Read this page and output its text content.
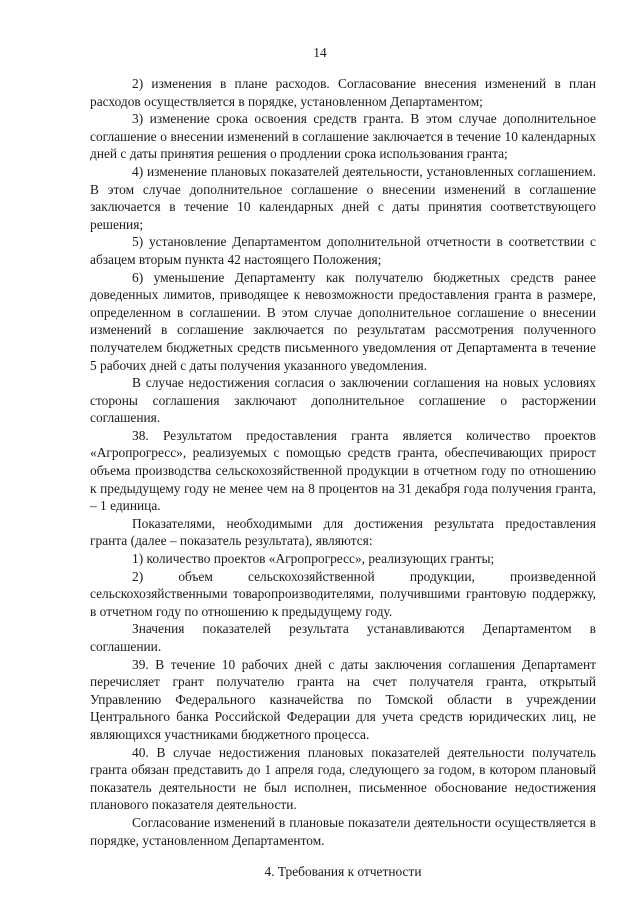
14

2) изменения в плане расходов. Согласование внесения изменений в план расходов осуществляется в порядке, установленном Департаментом;

3) изменение срока освоения средств гранта. В этом случае дополнительное соглашение о внесении изменений в соглашение заключается в течение 10 календарных дней с даты принятия решения о продлении срока использования гранта;

4) изменение плановых показателей деятельности, установленных соглашением. В этом случае дополнительное соглашение о внесении изменений в соглашение заключается в течение 10 календарных дней с даты принятия соответствующего решения;

5) установление Департаментом дополнительной отчетности в соответствии с абзацем вторым пункта 42 настоящего Положения;

6) уменьшение Департаменту как получателю бюджетных средств ранее доведенных лимитов, приводящее к невозможности предоставления гранта в размере, определенном в соглашении. В этом случае дополнительное соглашение о внесении изменений в соглашение заключается по результатам рассмотрения полученного получателем бюджетных средств письменного уведомления от Департамента в течение 5 рабочих дней с даты получения указанного уведомления.

В случае недостижения согласия о заключении соглашения на новых условиях стороны соглашения заключают дополнительное соглашение о расторжении соглашения.

38. Результатом предоставления гранта является количество проектов «Агропрогресс», реализуемых с помощью средств гранта, обеспечивающих прирост объема производства сельскохозяйственной продукции в отчетном году по отношению к предыдущему году не менее чем на 8 процентов на 31 декабря года получения гранта, – 1 единица.

Показателями, необходимыми для достижения результата предоставления гранта (далее – показатель результата), являются:

1) количество проектов «Агропрогресс», реализующих гранты;

2) объем сельскохозяйственной продукции, произведенной сельскохозяйственными товаропроизводителями, получившими грантовую поддержку, в отчетном году по отношению к предыдущему году.

Значения показателей результата устанавливаются Департаментом в соглашении.

39. В течение 10 рабочих дней с даты заключения соглашения Департамент перечисляет грант получателю гранта на счет получателя гранта, открытый Управлению Федерального казначейства по Томской области в учреждении Центрального банка Российской Федерации для учета средств юридических лиц, не являющихся участниками бюджетного процесса.

40. В случае недостижения плановых показателей деятельности получатель гранта обязан представить до 1 апреля года, следующего за годом, в котором плановый показатель деятельности не был исполнен, письменное обоснование недостижения планового показателя деятельности.

Согласование изменений в плановые показатели деятельности осуществляется в порядке, установленном Департаментом.

4. Требования к отчетности
